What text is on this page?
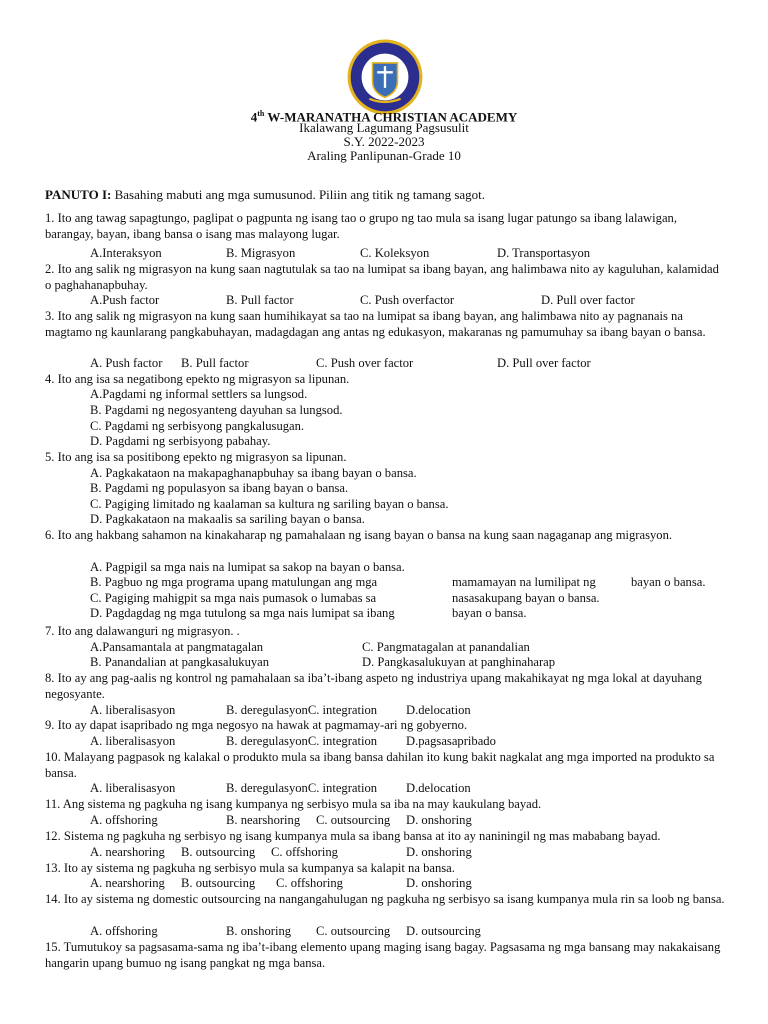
4th W-MARANATHA CHRISTIAN ACADEMY
Ikalawang Lagumang Pagsusulit
S.Y. 2022-2023
Araling Panlipunan-Grade 10
PANUTO I: Basahing mabuti ang mga sumusunod. Piliin ang titik ng tamang sagot.
1. Ito ang tawag sapagtungo, paglipat o pagpunta ng isang tao o grupo ng tao mula sa isang lugar patungo sa ibang lalawigan, barangay, bayan, ibang bansa o isang mas malayong lugar.
A.Interaksyon	B. Migrasyon	C. Koleksyon	D. Transportasyon
2. Ito ang salik ng migrasyon na kung saan nagtutulak sa tao na lumipat sa ibang bayan, ang halimbawa nito ay kaguluhan, kalamidad o paghahanapbuhay.
A.Push factor	B. Pull factor	C. Push overfactor	D. Pull over factor
3. Ito ang salik ng migrasyon na kung saan humihikayat sa tao na lumipat sa ibang bayan, ang halimbawa nito ay pagnanais na magtamo ng kaunlarang pangkabuhayan, madagdagan ang antas ng edukasyon, makaranas ng pamumuhay sa ibang bayan o bansa.
A. Push factor B. Pull factor	C. Push over factor	D. Pull over factor
4. Ito ang isa sa negatibong epekto ng migrasyon sa lipunan.
A.Pagdami ng informal settlers sa lungsod.
B. Pagdami ng negosyanteng dayuhan sa lungsod.
C. Pagdami ng serbisyong pangkalusugan.
D. Pagdami ng serbisyong pabahay.
5. Ito ang isa sa positibong epekto ng migrasyon sa lipunan.
A. Pagkakataon na makapaghanapbuhay sa ibang bayan o bansa.
B. Pagdami ng populasyon sa ibang bayan o bansa.
C. Pagiging limitado ng kaalaman sa kultura ng sariling bayan o bansa.
D. Pagkakataon na makaalis sa sariling bayan o bansa.
6. Ito ang hakbang sahamon na kinakaharap ng pamahalaan ng isang bayan o bansa na kung saan nagaganap ang migrasyon.
A. Pagpigil sa mga nais na lumipat sa sakop na bayan o bansa.
B. Pagbuo ng mga programa upang matulungan ang mga	mamamayan na lumilipat ng	bayan o bansa.
C. Pagiging mahigpit sa mga nais pumasok o lumabas sa	nasasakupang bayan o bansa.
D. Pagdagdag ng mga tutulong sa mga nais lumipat sa ibang	bayan o bansa.
7. Ito ang dalawanguri ng migrasyon. .
A.Pansamantala at pangmatagalan	C. Pangmatagalan at panandalian
B. Panandalian at pangkasalukuyan	D. Pangkasalukuyan at panghinaharap
8. Ito ay ang pag-aalis ng kontrol ng pamahalaan sa iba’t-ibang aspeto ng industriya upang makahikayat ng mga lokal at dayuhang negosyante.
A. liberalisasyon	B. deregulasyonC. integration D.delocation
9. Ito ay dapat isapribado ng mga negosyo na hawak at pagmamay-ari ng gobyerno.
A. liberalisasyon	B. deregulasyonC. integration D.pagsasapribado
10. Malayang pagpasok ng kalakal o produkto mula sa ibang bansa dahilan ito kung bakit nagkalat ang mga imported na produkto sa bansa.
A. liberalisasyon	B. deregulasyonC. integration D.delocation
11. Ang sistema ng pagkuha ng isang kumpanya ng serbisyo mula sa iba na may kaukulang bayad.
A. offshoring	B. nearshoring C. outsourcing D. onshoring
12. Sistema ng pagkuha ng serbisyo ng isang kumpanya mula sa ibang bansa at ito ay naniningil ng mas mababang bayad.
A. nearshoring B. outsourcing C. offshoring	D. onshoring
13. Ito ay sistema ng pagkuha ng serbisyo mula sa kumpanya sa kalapit na bansa.
A. nearshoring B. outsourcing C. offshoring	D. onshoring
14. Ito ay sistema ng domestic outsourcing na nangangahulugan ng pagkuha ng serbisyo sa isang kumpanya mula rin sa loob ng bansa.
A. offshoring	B. onshoring C. outsourcing D. outsourcing
15. Tumutukoy sa pagsasama-sama ng iba’t-ibang elemento upang maging isang bagay. Pagsasama ng mga bansang may nakakaisang hangarin upang bumuo ng isang pangkat ng mga bansa.
